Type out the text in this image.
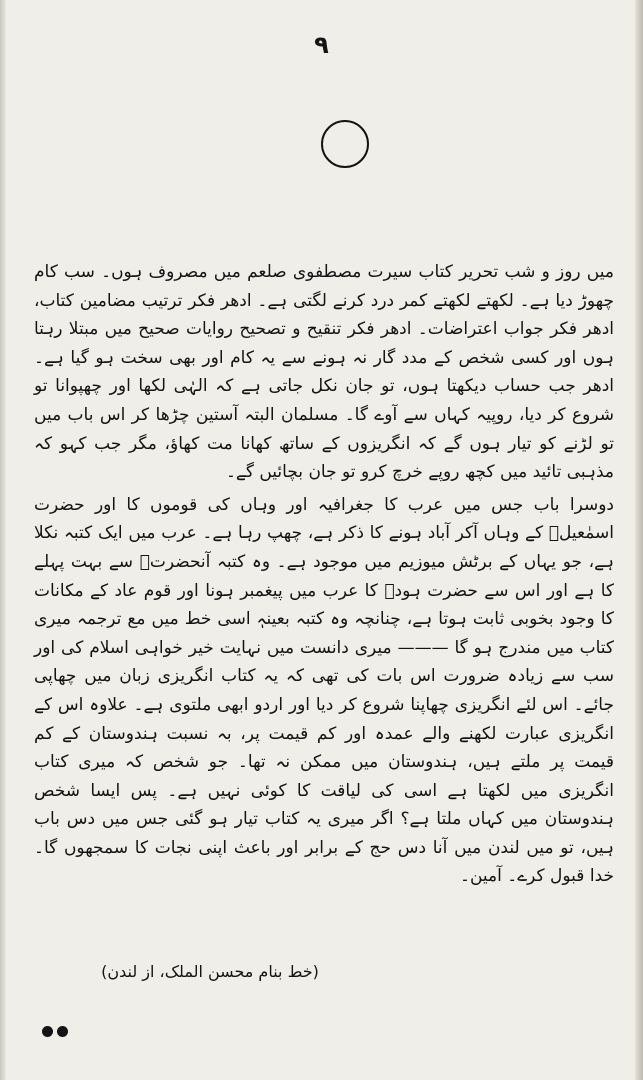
۹

میں روز و شب تحریر کتاب سیرت مصطفوی صلعم میں مصروف ہوں۔ سب کام چھوڑ دیا ہے۔ لکھتے لکھتے کمر درد کرنے لگتی ہے۔ ادھر فکر ترتیب مضامین کتاب، ادھر فکر جواب اعتراضات۔ ادھر فکر تنقیح و تصحیح روایات صحیح میں مبتلا رہتا ہوں اور کسی شخص کے مدد گار نہ ہونے سے یہ کام اور بھی سخت ہو گیا ہے۔ ادھر جب حساب دیکھتا ہوں، تو جان نکل جاتی ہے کہ الہٰی لکھا اور چھپوانا تو شروع کر دیا، روپیہ کہاں سے آوے گا۔ مسلمان البتہ آستین چڑھا کر اس باب میں تو لڑنے کو تیار ہوں گے کہ انگریزوں کے ساتھ کھانا مت کھاؤ، مگر جب کہو کہ مذہبی تائید میں کچھ روپے خرچ کرو تو جان بچائیں گے۔

دوسرا باب جس میں عرب کا جغرافیہ اور وہاں کی قوموں کا اور حضرت اسمٰعیلؑ کے وہاں آکر آباد ہونے کا ذکر ہے، چھپ رہا ہے۔ عرب میں ایک کتبہ نکلا ہے، جو یہاں کے برٹش میوزیم میں موجود ہے۔ وہ کتبہ آنحضرتؐ سے بہت پہلے کا ہے اور اس سے حضرت ہودؑ کا عرب میں پیغمبر ہونا اور قوم عاد کے مکانات کا وجود بخوبی ثابت ہوتا ہے، چنانچہ وہ کتبہ بعینہٖ اسی خط میں مع ترجمہ میری کتاب میں مندرج ہو گا ——— میری دانست میں نہایت خیر خواہی اسلام کی اور سب سے زیادہ ضرورت اس بات کی تھی کہ یہ کتاب انگریزی زبان میں چھاپی جائے۔ اس لئے انگریزی چھاپنا شروع کر دیا اور اردو ابھی ملتوی ہے۔ علاوہ اس کے انگریزی عبارت لکھنے والے عمدہ اور کم قیمت پر، بہ نسبت ہندوستان کے کم قیمت پر ملتے ہیں، ہندوستان میں ممکن نہ تھا۔ جو شخص کہ میری کتاب انگریزی میں لکھتا ہے اسی کی لیاقت کا کوئی نہیں ہے۔ پس ایسا شخص ہندوستان میں کہاں ملتا ہے؟ اگر میری یہ کتاب تیار ہو گئی جس میں دس باب ہیں، تو میں لندن میں آنا دس حج کے برابر اور باعث اپنی نجات کا سمجھوں گا۔ خدا قبول کرے۔ آمین۔

(خط بنام محسن الملک، از لندن)
